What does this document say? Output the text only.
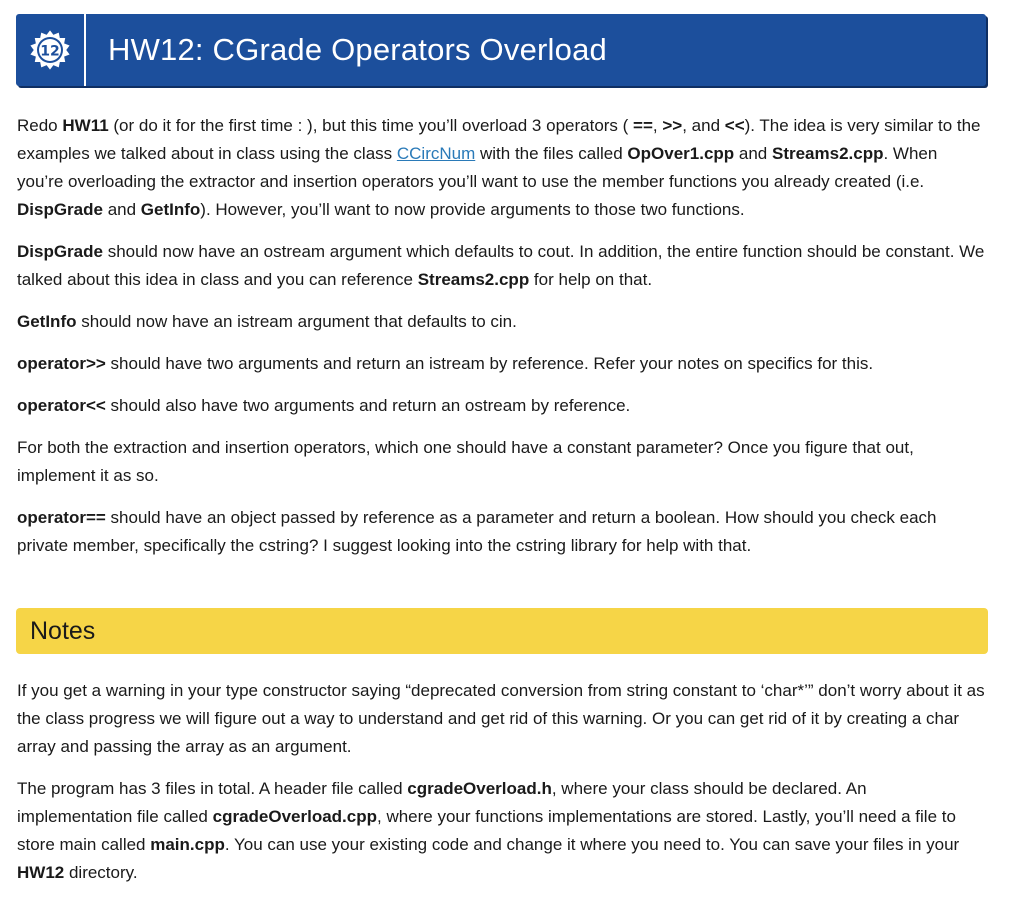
12	HW12: CGrade Operators Overload

Redo HW11 (or do it for the first time : ), but this time you’ll overload 3 operators ( ==, >>, and <<). The idea is very similar to the examples we talked about in class using the class CCircNum with the files called OpOver1.cpp and Streams2.cpp. When you’re overloading the extractor and insertion operators you’ll want to use the member functions you already created (i.e. DispGrade and GetInfo). However, you’ll want to now provide arguments to those two functions.

DispGrade should now have an ostream argument which defaults to cout. In addition, the entire function should be constant. We talked about this idea in class and you can reference Streams2.cpp for help on that.

GetInfo should now have an istream argument that defaults to cin.

operator>> should have two arguments and return an istream by reference. Refer your notes on specifics for this.

operator<< should also have two arguments and return an ostream by reference.

For both the extraction and insertion operators, which one should have a constant parameter? Once you figure that out, implement it as so.

operator== should have an object passed by reference as a parameter and return a boolean. How should you check each private member, specifically the cstring? I suggest looking into the cstring library for help with that.

Notes

If you get a warning in your type constructor saying “deprecated conversion from string constant to ‘char*’” don’t worry about it as the class progress we will figure out a way to understand and get rid of this warning. Or you can get rid of it by creating a char array and passing the array as an argument.

The program has 3 files in total. A header file called cgradeOverload.h, where your class should be declared. An implementation file called cgradeOverload.cpp, where your functions implementations are stored. Lastly, you’ll need a file to store main called main.cpp. You can use your existing code and change it where you need to. You can save your files in your HW12 directory.
